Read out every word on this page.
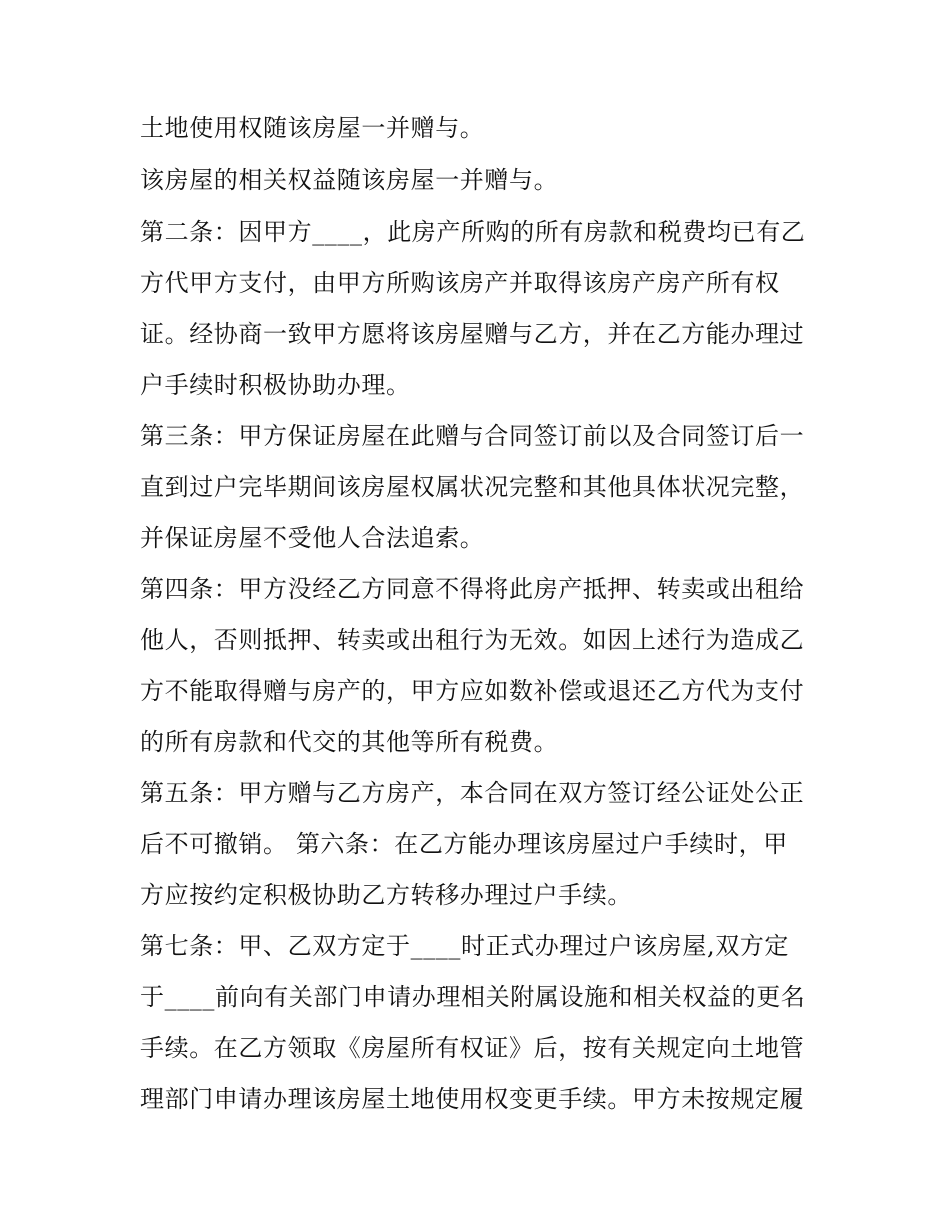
土地使用权随该房屋一并赠与。
该房屋的相关权益随该房屋一并赠与。
第二条：因甲方____，此房产所购的所有房款和税费均已有乙
方代甲方支付，由甲方所购该房产并取得该房产房产所有权
证。经协商一致甲方愿将该房屋赠与乙方，并在乙方能办理过
户手续时积极协助办理。
第三条：甲方保证房屋在此赠与合同签订前以及合同签订后一
直到过户完毕期间该房屋权属状况完整和其他具体状况完整，
并保证房屋不受他人合法追索。
第四条：甲方没经乙方同意不得将此房产抵押、转卖或出租给
他人，否则抵押、转卖或出租行为无效。如因上述行为造成乙
方不能取得赠与房产的，甲方应如数补偿或退还乙方代为支付
的所有房款和代交的其他等所有税费。
第五条：甲方赠与乙方房产，本合同在双方签订经公证处公正
后不可撤销。 第六条：在乙方能办理该房屋过户手续时，甲
方应按约定积极协助乙方转移办理过户手续。
第七条：甲、乙双方定于____时正式办理过户该房屋,双方定
于____前向有关部门申请办理相关附属设施和相关权益的更名
手续。在乙方领取《房屋所有权证》后，按有关规定向土地管
理部门申请办理该房屋土地使用权变更手续。甲方未按规定履
